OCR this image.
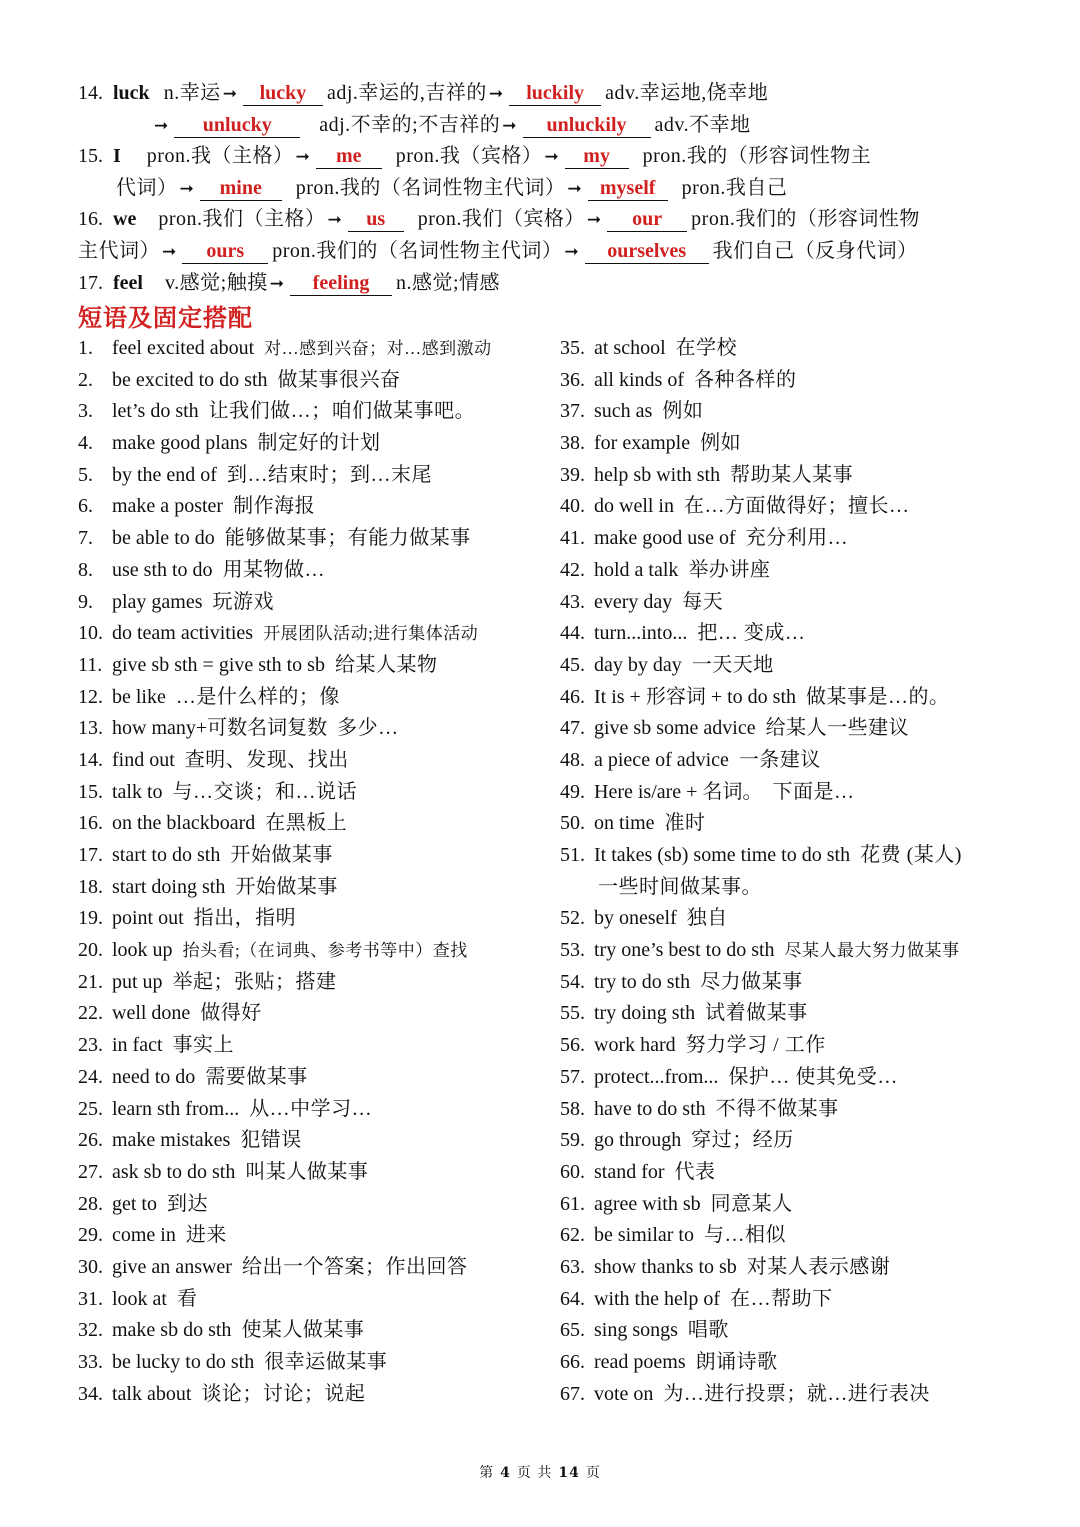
14. luck n.幸运 ➞ lucky adj.幸运的,吉祥的 ➞ luckily adv.幸运地,侥幸地
➞ unlucky adj.不幸的;不吉祥的 ➞ unluckily adv.不幸地
15. I pron.我（主格） ➞ me pron.我（宾格） ➞ my pron.我的（形容词性物主
代词） ➞ mine pron.我的（名词性物主代词） ➞ myself pron.我自己
16. we pron.我们（主格） ➞ us pron.我们（宾格） ➞ our pron.我们的（形容词性物
主代词） ➞ ours pron.我们的（名词性物主代词） ➞ ourselves 我们自己（反身代词）
17. feel v.感觉;触摸 ➞ feeling n.感觉;情感
短语及固定搭配
1. feel excited about 对…感到兴奋；对…感到激动
2. be excited to do sth 做某事很兴奋
3. let’s do sth 让我们做…；咱们做某事吧。
4. make good plans 制定好的计划
5. by the end of 到…结束时；到…末尾
6. make a poster 制作海报
7. be able to do 能够做某事；有能力做某事
8. use sth to do 用某物做…
9. play games 玩游戏
10. do team activities 开展团队活动;进行集体活动
11. give sb sth = give sth to sb 给某人某物
12. be like …是什么样的；像
13. how many+可数名词复数 多少…
14. find out 查明、发现、找出
15. talk to 与…交谈；和…说话
16. on the blackboard 在黑板上
17. start to do sth 开始做某事
18. start doing sth 开始做某事
19. point out 指出，指明
20. look up 抬头看;（在词典、参考书等中）查找
21. put up 举起；张贴；搭建
22. well done 做得好
23. in fact 事实上
24. need to do 需要做某事
25. learn sth from... 从…中学习…
26. make mistakes 犯错误
27. ask sb to do sth 叫某人做某事
28. get to 到达
29. come in 进来
30. give an answer 给出一个答案；作出回答
31. look at 看
32. make sb do sth 使某人做某事
33. be lucky to do sth 很幸运做某事
34. talk about 谈论；讨论；说起
35. at school 在学校
36. all kinds of 各种各样的
37. such as 例如
38. for example 例如
39. help sb with sth 帮助某人某事
40. do well in 在…方面做得好；擅长…
41. make good use of 充分利用…
42. hold a talk 举办讲座
43. every day 每天
44. turn...into... 把… 变成…
45. day by day 一天天地
46. It is + 形容词 + to do sth 做某事是…的。
47. give sb some advice 给某人一些建议
48. a piece of advice 一条建议
49. Here is/are + 名词。 下面是…
50. on time 准时
51. It takes (sb) some time to do sth 花费 (某人)
一些时间做某事。
52. by oneself 独自
53. try one’s best to do sth 尽某人最大努力做某事
54. try to do sth 尽力做某事
55. try doing sth 试着做某事
56. work hard 努力学习 / 工作
57. protect...from... 保护… 使其免受…
58. have to do sth 不得不做某事
59. go through 穿过；经历
60. stand for 代表
61. agree with sb 同意某人
62. be similar to 与…相似
63. show thanks to sb 对某人表示感谢
64. with the help of 在…帮助下
65. sing songs 唱歌
66. read poems 朗诵诗歌
67. vote on 为…进行投票；就…进行表决
第 4 页 共 14 页
